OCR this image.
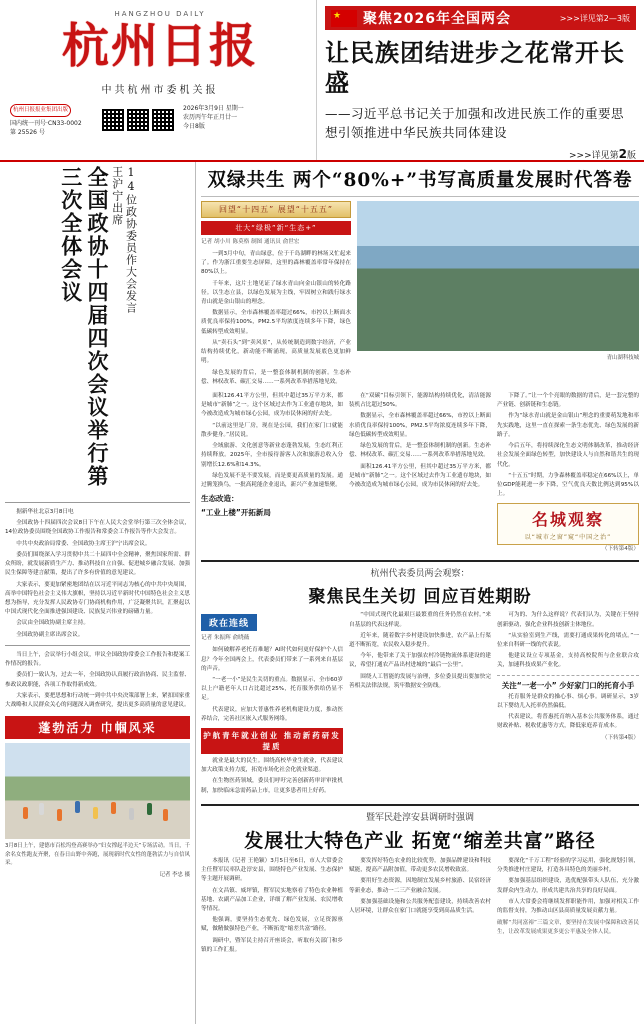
HANGZHOU DAILY
杭州日报
中共杭州市委机关报
杭州日报报业集团出版
国内统一刊号·CN33-0002
第 25526 号
2026年3月9日 星期一
农历丙午年正月廿一
今日8版
★
聚焦2026年全国两会	>>>详见第2—3版
让民族团结进步之花常开长盛
——习近平总书记关于加强和改进民族工作的重要思想引领推进中华民族共同体建设
>>>详见第2版
全国政协十四届四次会议举行第三次全体会议	王沪宁出席 14位政协委员作大会发言

据新华社北京3月8日电

全国政协十四届四次会议8日下午在人民大会堂举行第三次全体会议，14位政协委员围绕全国政协工作报告和常委会工作报告等作大会发言。

中共中央政治局常委、全国政协主席王沪宁出席会议。

委员们围绕深入学习贯彻中共二十届四中全会精神，聚焦国家所需、群众所盼，就发展新质生产力、推动科技自立自强、促进城乡融合发展、加强民生保障等建言献策，提出了许多有价值的意见建议。

大家表示，要更加紧密地团结在以习近平同志为核心的中共中央周围，高举中国特色社会主义伟大旗帜，坚持以习近平新时代中国特色社会主义思想为指导，充分发挥人民政协专门协商机构作用，广泛凝聚共识，汇聚起以中国式现代化全面推进强国建设、民族复兴伟业的磅礴力量。

会议由全国政协副主席主持。

全国政协副主席出席会议。

当日上午，会议举行小组会议，审议全国政协常委会工作报告和提案工作情况的报告。

委员们一致认为，过去一年，全国政协认真履行政治协商、民主监督、参政议政职能，各项工作取得新成效。

大家表示，要把思想和行动统一到中共中央决策部署上来，紧扣国家重大战略和人民群众关心的问题深入调查研究，提出更多高质量的意见建议。

蓬勃活力 巾帼风采
3月8日上午，建德市百松坞登高赛举办“妇女撑起半边天”专场活动。当日，千余名女性跑友齐聚，在春日山野中奔跑，展现新时代女性的蓬勃活力与自信风采。
记者 李忠 摄
双绿共生 两个“80%+”书写高质量发展时代答卷
回望“十四五” 展望“十五五”
壮大“绿极”新“生态+”
记者 胡小川 陈莫格 制图 通讯员 俞世宏

一到3月中旬，青山绿意，位于千岛湖畔的林场又忙起来了。作为浙江重要生态屏障，这里的森林覆盖率常年保持在80%以上。

千年来，这片土地见证了绿水青山向金山银山的转化路径。以生态立县，以绿色发展为主线，牢固树立和践行绿水青山就是金山银山的理念。

数据显示，全市森林覆盖率超过66%，市控以上断面水质优良率保持100%，PM2.5平均浓度连续多年下降，绿色低碳转型成效明显。

从“卖石头”到“卖风景”，从传统制造到数字经济，产业结构持续优化，新动能不断涌现，高质量发展底色更加鲜明。

绿色发展的背后，是一整套体制机制的创新。生态补偿、林权改革、碳汇交易……一系列改革举措落地见效。

青山湖科技城

面积126.41平方公里，但其中超过35万平方米，都是城市“新肺”之一。这个区域过去作为工业遗存地块，如今被改造成为城市绿心公园，成为市民休闲的好去处。

“以前这里是厂房，现在是公园，我们在家门口就能散步健身。”居民说。

全域旅游、文化创意等新业态蓬勃发展，生态红利正持续释放。2025年，全市接待游客人次和旅游总收入分别增长12.6%和14.3%。

绿色发展不是不要发展，而是要更高质量的发展。通过腾笼换鸟，一批高耗能企业退出，新兴产业加速集聚。

生态改造：
“工业上楼”开拓新局

在“双碳”目标引领下，能源结构持续优化，清洁能源装机占比超过50%。

数据显示，全市森林覆盖率超过66%，市控以上断面水质优良率保持100%，PM2.5平均浓度连续多年下降，绿色低碳转型成效明显。

绿色发展的背后，是一整套体制机制的创新。生态补偿、林权改革、碳汇交易……一系列改革举措落地见效。

面积126.41平方公里，但其中超过35万平方米，都是城市“新肺”之一。这个区域过去作为工业遗存地块，如今被改造成为城市绿心公园，成为市民休闲的好去处。

下降了。”让一个个亮眼的数据的背后，是一套完整的产业链、创新链和生态链。

作为“绿水青山就是金山银山”理念的重要萌发地和率先实践地，这里一直在探索一条生态优先、绿色发展的新路子。

今后五年，将持续深化生态文明体制改革，推动经济社会发展全面绿色转型，加快建设人与自然和谐共生的现代化。

“十五五”时期，力争森林覆盖率稳定在66%以上，单位GDP能耗进一步下降，空气优良天数比例达到95%以上。

名城观察
以“城市之窗”窥“中国之治”
（下转第4版）
杭州代表委员两会观察：
聚焦民生关切 回应百姓期盼
政在连线
记者 朱振辉 俞晓薇

如何破解养老托育难题？AI时代如何更好保护个人信息？今年全国两会上，代表委员们带来了一系列来自基层的声音。

“一老一小”是民生关切的重点。数据显示，全市60岁以上户籍老年人口占比超过25%，托育服务供给仍显不足。

代表建议，应加大普惠性养老机构建设力度，推动医养结合，完善社区嵌入式服务网络。

护航青年就业创业 推动新药研发提质

就业是最大的民生。围绕高校毕业生就业，代表建议加大政策支持力度，拓宽市场化社会化就业渠道。

在生物医药领域，委员们呼吁完善创新药审评审批机制，加快临床急需药品上市，让更多患者用上好药。

“中国式现代化最艰巨最繁重的任务仍然在农村。”来自基层的代表这样说。

近年来，随着数字乡村建设加快推进，农产品上行渠道不断拓宽，农民收入稳步提升。

今年，他带来了关于加强农村冷链物流体系建设的建议，希望打通农产品出村进城的“最后一公里”。

围绕人工智能的发展与治理，多位委员提出要加快完善相关法律法规，筑牢数据安全防线。

可为的、为什么这样说？代表们认为，关键在于坚持创新驱动，强化企业科技创新主体地位。

“从实验室到生产线，需要打通成果转化的堵点。”一位来自科研一线的代表说。

他建议设立专项基金，支持高校院所与企业联合攻关，加速科技成果产业化。

关注“一老一小” 少好家门口的托育小手

托育服务是群众的操心事、烦心事。调研显示，3岁以下婴幼儿入托率仍然偏低。

代表建议，将普惠托育纳入基本公共服务体系，通过财政补贴、税收优惠等方式，降低家庭养育成本。

（下转第4版）
暨军民赴淳安县调研时强调
发展壮大特色产业 拓宽“缩差共富”路径

本报讯（记者 王艳颖）3月5日至6日，市人大常委会主任暨军民率队赴淳安县，围绕特色产业发展、生态保护等主题开展调研。

在文昌镇、威坪镇，暨军民实地察看了特色农业种植基地、农副产品加工企业，详细了解产业发展、农民增收等情况。

他强调，要坚持生态优先、绿色发展，立足资源禀赋，做精做强特色产业，不断拓宽“缩差共富”路径。

调研中，暨军民主持召开座谈会，听取有关部门和乡镇的工作汇报。

要发挥好特色农业的比较优势，加强品牌建设和科技赋能，提高产品附加值，带动更多农民增收致富。

要用好生态资源，因地制宜发展乡村旅游、民宿经济等新业态，推动一二三产业融合发展。

要加强基础设施和公共服务配套建设，持续改善农村人居环境，让群众在家门口就能享受到高品质生活。

要深化“千万工程”经验的学习运用，强化规划引领，分类推进村庄建设，打造各具特色的美丽乡村。

要加强基层组织建设，选优配强带头人队伍，充分激发群众内生动力，形成共建共治共享的良好局面。

市人大常委会将继续发挥职能作用，加强对相关工作的监督支持，为推动山区县高质量发展贡献力量。

破解“共同富裕”三篇文章，要坚持在发展中保障和改善民生，让改革发展成果更多更公平惠及全体人民。
